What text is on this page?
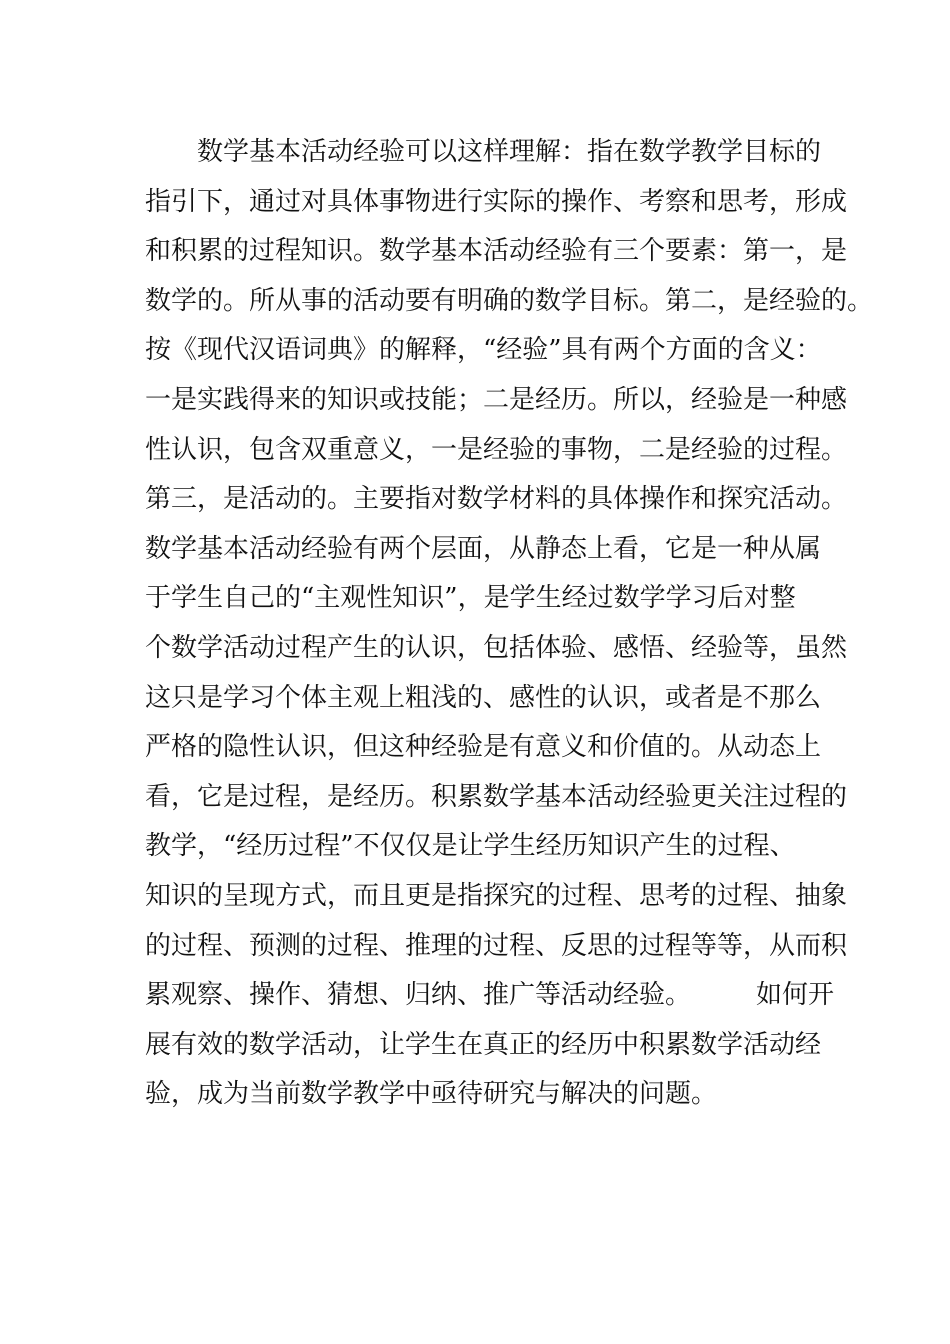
数学基本活动经验可以这样理解：指在数学教学目标的
指引下，通过对具体事物进行实际的操作、考察和思考，形成
和积累的过程知识。数学基本活动经验有三个要素：第一，是
数学的。所从事的活动要有明确的数学目标。第二，是经验的。
按《现代汉语词典》的解释，“经验”具有两个方面的含义：
一是实践得来的知识或技能；二是经历。所以，经验是一种感
性认识，包含双重意义，一是经验的事物，二是经验的过程。
第三，是活动的。主要指对数学材料的具体操作和探究活动。
数学基本活动经验有两个层面，从静态上看，它是一种从属
于学生自己的“主观性知识”，是学生经过数学学习后对整
个数学活动过程产生的认识，包括体验、感悟、经验等，虽然
这只是学习个体主观上粗浅的、感性的认识，或者是不那么
严格的隐性认识，但这种经验是有意义和价值的。从动态上
看，它是过程，是经历。积累数学基本活动经验更关注过程的
教学，“经历过程”不仅仅是让学生经历知识产生的过程、
知识的呈现方式，而且更是指探究的过程、思考的过程、抽象
的过程、预测的过程、推理的过程、反思的过程等等，从而积
累观察、操作、猜想、归纳、推广等活动经验。　　　如何开
展有效的数学活动，让学生在真正的经历中积累数学活动经
验，成为当前数学教学中亟待研究与解决的问题。
